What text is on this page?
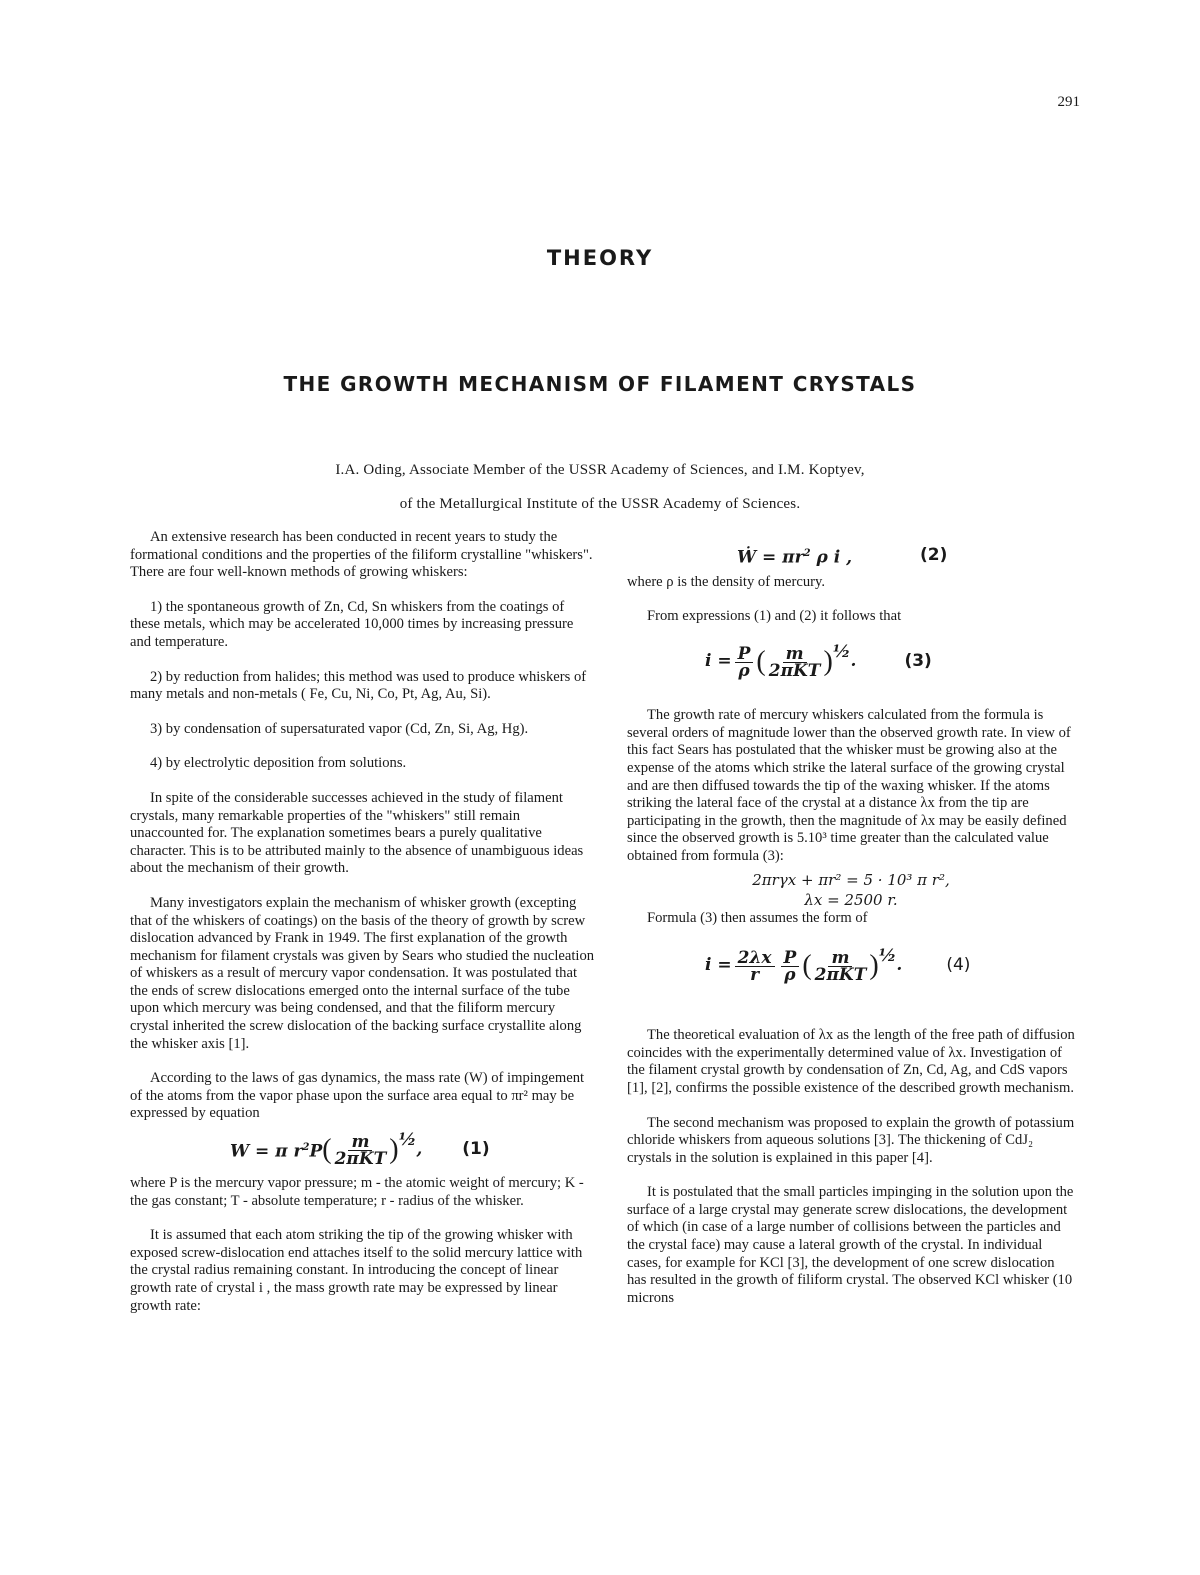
291
THEORY
THE GROWTH MECHANISM OF FILAMENT CRYSTALS
I.A. Oding, Associate Member of the USSR Academy of Sciences, and I.M. Koptyev,
of the Metallurgical Institute of the USSR Academy of Sciences.

An extensive research has been conducted in recent years to study the formational conditions and the properties of the filiform crystalline "whiskers". There are four well-known methods of growing whiskers:

1) the spontaneous growth of Zn, Cd, Sn whiskers from the coatings of these metals, which may be accelerated 10,000 times by increasing pressure and temperature.

2) by reduction from halides; this method was used to produce whiskers of many metals and non-metals ( Fe, Cu, Ni, Co, Pt, Ag, Au, Si).

3) by condensation of supersaturated vapor (Cd, Zn, Si, Ag, Hg).

4) by electrolytic deposition from solutions.

In spite of the considerable successes achieved in the study of filament crystals, many remarkable properties of the "whiskers" still remain unaccounted for. The explanation sometimes bears a purely qualitative character. This is to be attributed mainly to the absence of unambiguous ideas about the mechanism of their growth.

Many investigators explain the mechanism of whisker growth (excepting that of the whiskers of coatings) on the basis of the theory of growth by screw dislocation advanced by Frank in 1949. The first explanation of the growth mechanism for filament crystals was given by Sears who studied the nucleation of whiskers as a result of mercury vapor condensation. It was postulated that the ends of screw dislocations emerged onto the internal surface of the tube upon which mercury was being condensed, and that the filiform mercury crystal inherited the screw dislocation of the backing surface crystallite along the whisker axis [1].

According to the laws of gas dynamics, the mass rate (W) of impingement of the atoms from the vapor phase upon the surface area equal to πr² may be expressed by equation

W = π $r^2P$ ( $\frac{m}{\text{2πKT}}$ ) ½ , (1)

where P is the mercury vapor pressure; m - the atomic weight of mercury; K - the gas constant; T - absolute temperature; r - radius of the whisker.

It is assumed that each atom striking the tip of the growing whisker with exposed screw-dislocation end attaches itself to the solid mercury lattice with the crystal radius remaining constant. In introducing the concept of linear growth rate of crystal i , the mass growth rate may be expressed by linear growth rate:

Ẇ = $\pi r^2$ ρ i ,	(2)

where ρ is the density of mercury.

From expressions (1) and (2) it follows that

$i = \frac{P}{\rho}$ ( $\frac{m}{\text{2πKT}}$ ) ½ .	(3)

The growth rate of mercury whiskers calculated from the formula is several orders of magnitude lower than the observed growth rate. In view of this fact Sears has postulated that the whisker must be growing also at the expense of the atoms which strike the lateral surface of the growing crystal and are then diffused towards the tip of the waxing whisker. If the atoms striking the lateral face of the crystal at a distance λx from the tip are participating in the growth, then the magnitude of λx may be easily defined since the observed growth is 5.10³ time greater than the calculated value obtained from formula (3):

2πrγx + πr² = 5 · 10³ π r²,
λx = 2500 r.

Formula (3) then assumes the form of

$i = \frac{2\lambda x}{r} \frac{P}{\rho}$ ( $\frac{m}{\text{2πKT}}$ ) ½ .	(4)

The theoretical evaluation of λx as the length of the free path of diffusion coincides with the experimentally determined value of λx. Investigation of the filament crystal growth by condensation of Zn, Cd, Ag, and CdS vapors [1], [2], confirms the possible existence of the described growth mechanism.

The second mechanism was proposed to explain the growth of potassium chloride whiskers from aqueous solutions [3]. The thickening of CdJ₂ crystals in the solution is explained in this paper [4].

It is postulated that the small particles impinging in the solution upon the surface of a large crystal may generate screw dislocations, the development of which (in case of a large number of collisions between the particles and the crystal face) may cause a lateral growth of the crystal. In individual cases, for example for KCl [3], the development of one screw dislocation has resulted in the growth of filiform crystal. The observed KCl whisker (10 microns
